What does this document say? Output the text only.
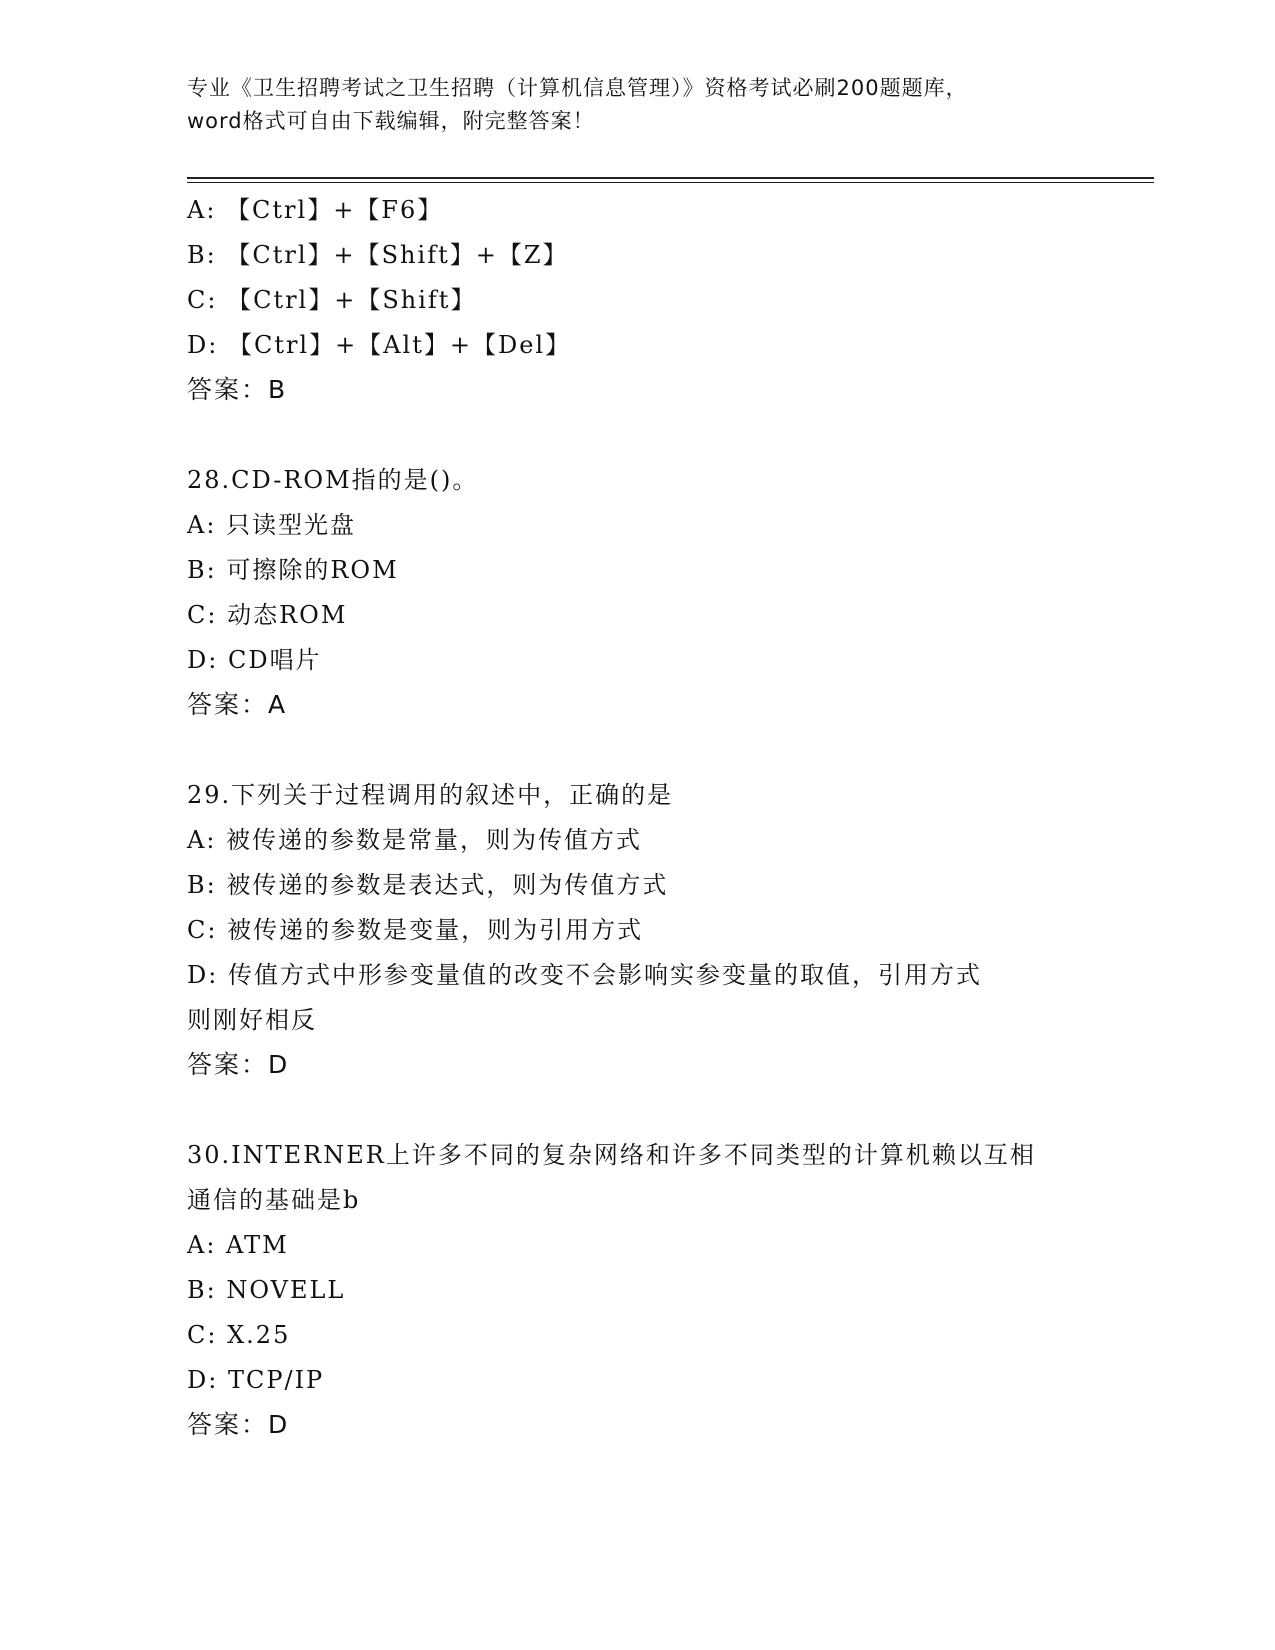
专业《卫生招聘考试之卫生招聘（计算机信息管理）》资格考试必刷200题题库，
word格式可自由下载编辑，附完整答案！
A: 【Ctrl】+【F6】
B: 【Ctrl】+【Shift】+【Z】
C: 【Ctrl】+【Shift】
D: 【Ctrl】+【Alt】+【Del】
答案：B
28.CD-ROM指的是()。
A: 只读型光盘
B: 可擦除的ROM
C: 动态ROM
D: CD唱片
答案：A
29.下列关于过程调用的叙述中，正确的是
A: 被传递的参数是常量，则为传值方式
B: 被传递的参数是表达式，则为传值方式
C: 被传递的参数是变量，则为引用方式
D: 传值方式中形参变量值的改变不会影响实参变量的取值，引用方式
则刚好相反
答案：D
30.INTERNER上许多不同的复杂网络和许多不同类型的计算机赖以互相
通信的基础是b
A: ATM
B: NOVELL
C: X.25
D: TCP/IP
答案：D
